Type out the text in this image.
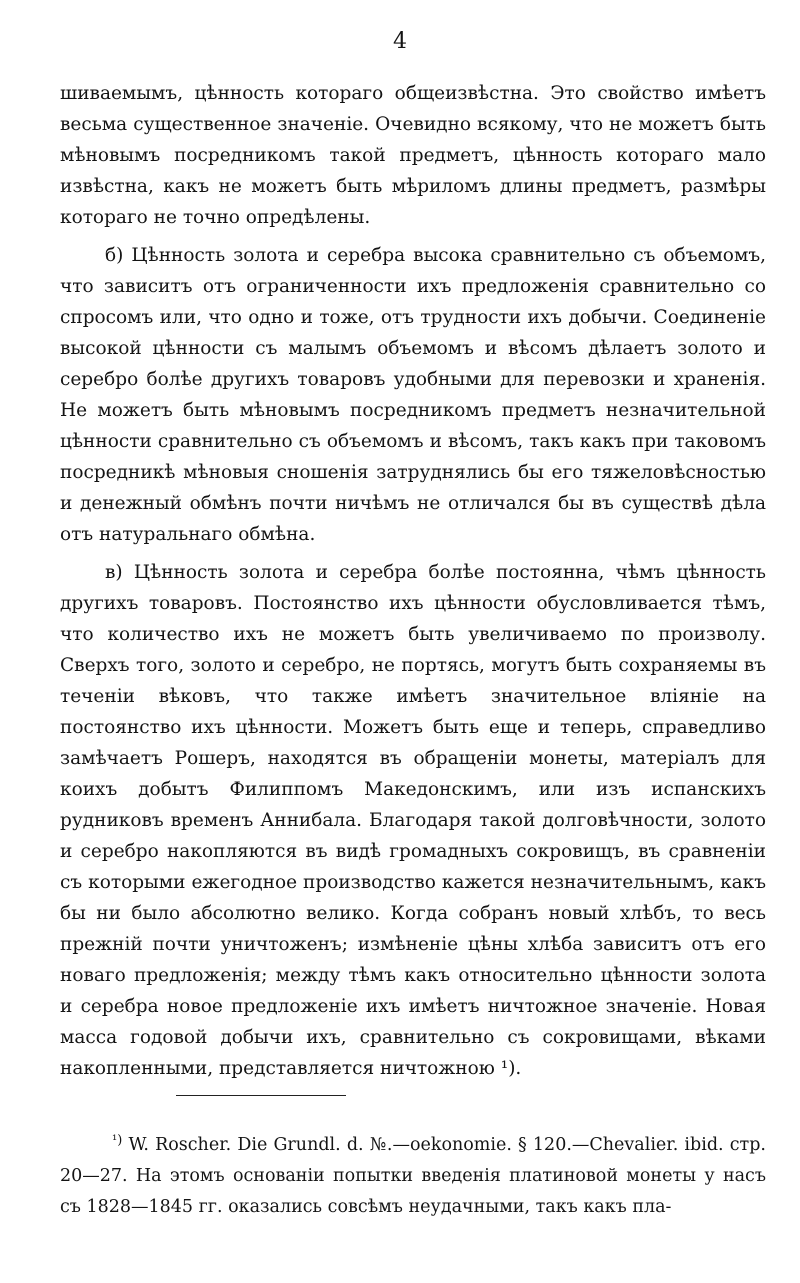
4

шиваемымъ, цѣнность котораго общеизвѣстна. Это свойство имѣетъ весьма существенное значенiе. Очевидно всякому, что не можетъ быть мѣновымъ посредникомъ такой предметъ, цѣнность котораго мало извѣстна, какъ не можетъ быть мѣриломъ длины предметъ, размѣры котораго не точно опредѣлены.

б) Цѣнность золота и серебра высока сравнительно съ объемомъ, что зависитъ отъ ограниченности ихъ предложенiя сравнительно со спросомъ или, что одно и тоже, отъ трудности ихъ добычи. Соединенiе высокой цѣнности съ малымъ объемомъ и вѣсомъ дѣлаетъ золото и серебро болѣе другихъ товаровъ удобными для перевозки и храненiя. Не можетъ быть мѣновымъ посредникомъ предметъ незначительной цѣнности сравнительно съ объемомъ и вѣсомъ, такъ какъ при таковомъ посредникѣ мѣновыя сношенiя затруднялись бы его тяжеловѣсностью и денежный обмѣнъ почти ничѣмъ не отличался бы въ существѣ дѣла отъ натуральнаго обмѣна.

в) Цѣнность золота и серебра болѣе постоянна, чѣмъ цѣнность другихъ товаровъ. Постоянство ихъ цѣнности обусловливается тѣмъ, что количество ихъ не можетъ быть увеличиваемо по произволу. Сверхъ того, золото и серебро, не портясь, могутъ быть сохраняемы въ теченiи вѣковъ, что также имѣетъ значительное влiянiе на постоянство ихъ цѣнности. Можетъ быть еще и теперь, справедливо замѣчаетъ Рошеръ, находятся въ обращенiи монеты, матерiалъ для коихъ добытъ Филиппомъ Македонскимъ, или изъ испанскихъ рудниковъ временъ Аннибала. Благодаря такой долговѣчности, золото и серебро накопляются въ видѣ громадныхъ сокровищъ, въ сравненiи съ которыми ежегодное производство кажется незначительнымъ, какъ бы ни было абсолютно велико. Когда собранъ новый хлѣбъ, то весь прежнiй почти уничтоженъ; измѣненiе цѣны хлѣба зависитъ отъ его новаго предложенiя; между тѣмъ какъ относительно цѣнности золота и серебра новое предложенiе ихъ имѣетъ ничтожное значенiе. Новая масса годовой добычи ихъ, сравнительно съ сокровищами, вѣками накопленными, представляется ничтожною ¹).

$^{^1)}$ W. Roscher. Die Grundl. d. №.—oekonomie. § 120.—Chevalier. ibid. стр. 20—27. На этомъ основанiи попытки введенiя платиновой монеты у насъ съ 1828—1845 гг. оказались совсѣмъ неудачными, такъ какъ пла-
